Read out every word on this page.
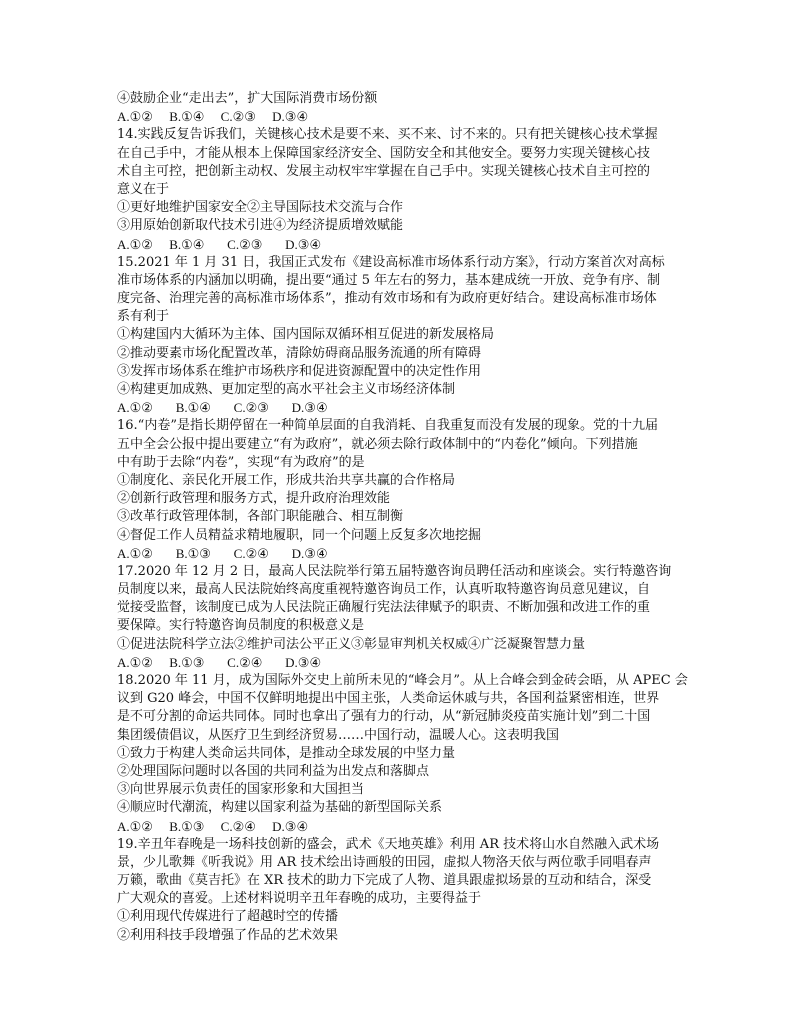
④鼓励企业“走出去”，扩大国际消费市场份额
A.①②     B.①④     C.②③     D.③④
14.实践反复告诉我们，关键核心技术是要不来、买不来、讨不来的。只有把关键核心技术掌握
在自己手中，才能从根本上保障国家经济安全、国防安全和其他安全。要努力实现关键核心技
术自主可控，把创新主动权、发展主动权牢牢掌握在自己手中。实现关键核心技术自主可控的
意义在于
①更好地维护国家安全②主导国际技术交流与合作
③用原始创新取代技术引进④为经济提质增效赋能
A.①②     B.①④       C.②③       D.③④
15.2021 年 1 月 31 日，我国正式发布《建设高标准市场体系行动方案》，行动方案首次对高标
准市场体系的内涵加以明确，提出要“通过 5 年左右的努力，基本建成统一开放、竞争有序、制
度完备、治理完善的高标准市场体系”，推动有效市场和有为政府更好结合。建设高标准市场体
系有利于
①构建国内大循环为主体、国内国际双循环相互促进的新发展格局
②推动要素市场化配置改革，清除妨碍商品服务流通的所有障碍
③发挥市场体系在维护市场秩序和促进资源配置中的决定性作用
④构建更加成熟、更加定型的高水平社会主义市场经济体制
A.①②       B.①④       C.②③       D.③④
16.“内卷”是指长期停留在一种简单层面的自我消耗、自我重复而没有发展的现象。党的十九届
五中全会公报中提出要建立“有为政府”，就必须去除行政体制中的“内卷化”倾向。下列措施
中有助于去除“内卷”，实现“有为政府”的是
①制度化、亲民化开展工作，形成共治共享共赢的合作格局
②创新行政管理和服务方式，提升政府治理效能
③改革行政管理体制，各部门职能融合、相互制衡
④督促工作人员精益求精地履职，同一个问题上反复多次地挖掘
A.①②       B.①③       C.②④       D.③④
17.2020 年 12 月 2 日，最高人民法院举行第五届特邀咨询员聘任活动和座谈会。实行特邀咨询
员制度以来，最高人民法院始终高度重视特邀咨询员工作，认真听取特邀咨询员意见建议，自
觉接受监督，该制度已成为人民法院正确履行宪法法律赋予的职责、不断加强和改进工作的重
要保障。实行特邀咨询员制度的积极意义是
①促进法院科学立法②维护司法公平正义③彰显审判机关权威④广泛凝聚智慧力量
A.①②     B.①③       C.②④       D.③④
18.2020 年 11 月，成为国际外交史上前所未见的“峰会月”。从上合峰会到金砖会晤，从 APEC 会
议到 G20 峰会，中国不仅鲜明地提出中国主张，人类命运休戚与共，各国利益紧密相连，世界
是不可分割的命运共同体。同时也拿出了强有力的行动，从“新冠肺炎疫苗实施计划”到二十国
集团缓债倡议，从医疗卫生到经济贸易……中国行动，温暖人心。这表明我国
①致力于构建人类命运共同体，是推动全球发展的中坚力量
②处理国际问题时以各国的共同利益为出发点和落脚点
③向世界展示负责任的国家形象和大国担当
④顺应时代潮流，构建以国家利益为基础的新型国际关系
A.①②     B.①③     C.②④     D.③④
19.辛丑年春晚是一场科技创新的盛会，武术《天地英雄》利用 AR 技术将山水自然融入武术场
景，少儿歌舞《听我说》用 AR 技术绘出诗画般的田园，虚拟人物洛天依与两位歌手同唱春声
万籁，歌曲《莫吉托》在 XR 技术的助力下完成了人物、道具跟虚拟场景的互动和结合，深受
广大观众的喜爱。上述材料说明辛丑年春晚的成功，主要得益于
①利用现代传媒进行了超越时空的传播
②利用科技手段增强了作品的艺术效果
